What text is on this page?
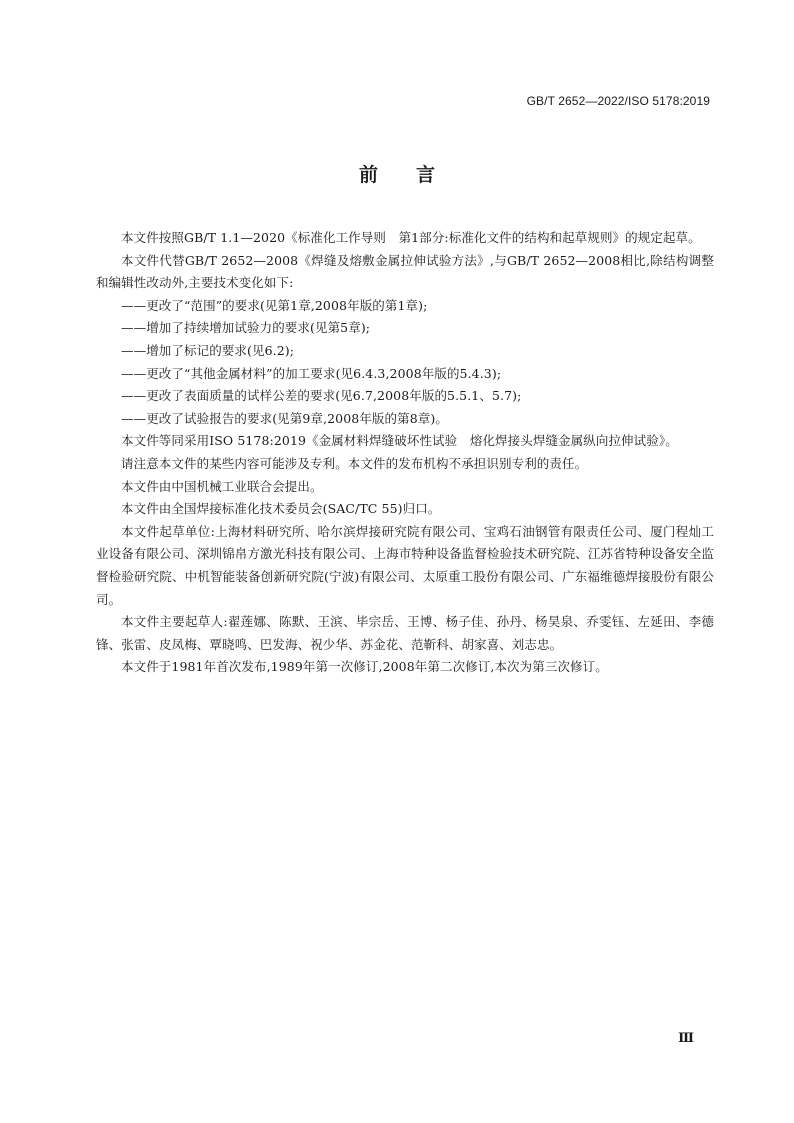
GB/T 2652—2022/ISO 5178:2019
前 言

本文件按照GB/T 1.1—2020《标准化工作导则　第1部分:标准化文件的结构和起草规则》的规定起草。

本文件代替GB/T 2652—2008《焊缝及熔敷金属拉伸试验方法》,与GB/T 2652—2008相比,除结构调整和编辑性改动外,主要技术变化如下:

——更改了“范围”的要求(见第1章,2008年版的第1章);

——增加了持续增加试验力的要求(见第5章);

——增加了标记的要求(见6.2);

——更改了“其他金属材料”的加工要求(见6.4.3,2008年版的5.4.3);

——更改了表面质量的试样公差的要求(见6.7,2008年版的5.5.1、5.7);

——更改了试验报告的要求(见第9章,2008年版的第8章)。

本文件等同采用ISO 5178:2019《金属材料焊缝破坏性试验　熔化焊接头焊缝金属纵向拉伸试验》。

请注意本文件的某些内容可能涉及专利。本文件的发布机构不承担识别专利的责任。

本文件由中国机械工业联合会提出。

本文件由全国焊接标准化技术委员会(SAC/TC 55)归口。

本文件起草单位:上海材料研究所、哈尔滨焊接研究院有限公司、宝鸡石油钢管有限责任公司、厦门程灿工业设备有限公司、深圳锦帛方激光科技有限公司、上海市特种设备监督检验技术研究院、江苏省特种设备安全监督检验研究院、中机智能装备创新研究院(宁波)有限公司、太原重工股份有限公司、广东福维德焊接股份有限公司。

本文件主要起草人:翟莲娜、陈默、王滨、毕宗岳、王博、杨子佳、孙丹、杨昊泉、乔雯钰、左延田、李德锋、张雷、皮凤梅、覃晓鸣、巴发海、祝少华、苏金花、范靳科、胡家喜、刘志忠。

本文件于1981年首次发布,1989年第一次修订,2008年第二次修订,本次为第三次修订。

Ⅲ
